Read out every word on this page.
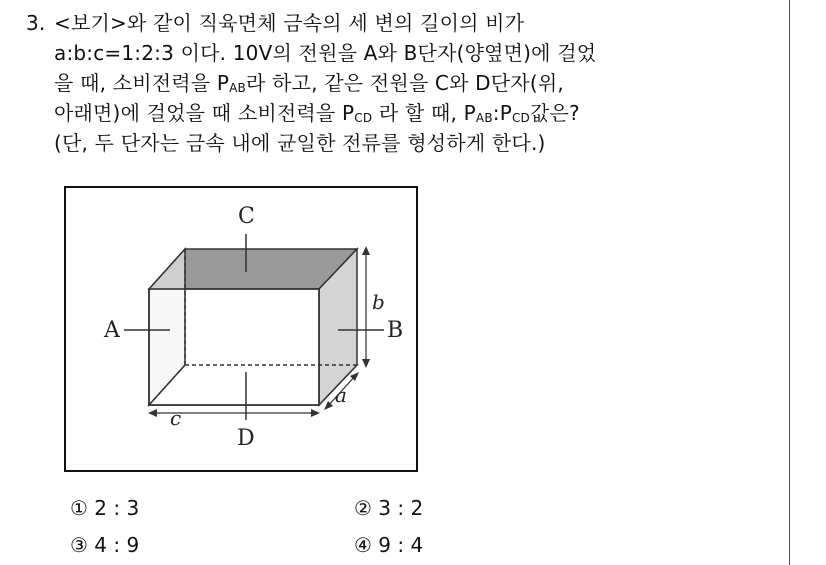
3. <보기>와 같이 직육면체 금속의 세 변의 길이의 비가
a:b:c=1:2:3 이다. 10V의 전원을 A와 B단자(양옆면)에 걸었
을 때, 소비전력을 $P_{AB}$라 하고, 같은 전원을 C와 D단자(위,
아래면)에 걸었을 때 소비전력을 $P_{CD}$ 라 할 때, $P_{AB}:P_{CD}$값은?
(단, 두 단자는 금속 내에 균일한 전류를 형성하게 한다.)
C
D
A	B
b
a
c
① 2 : 3	② 3 : 2
③ 4 : 9	④ 9 : 4
